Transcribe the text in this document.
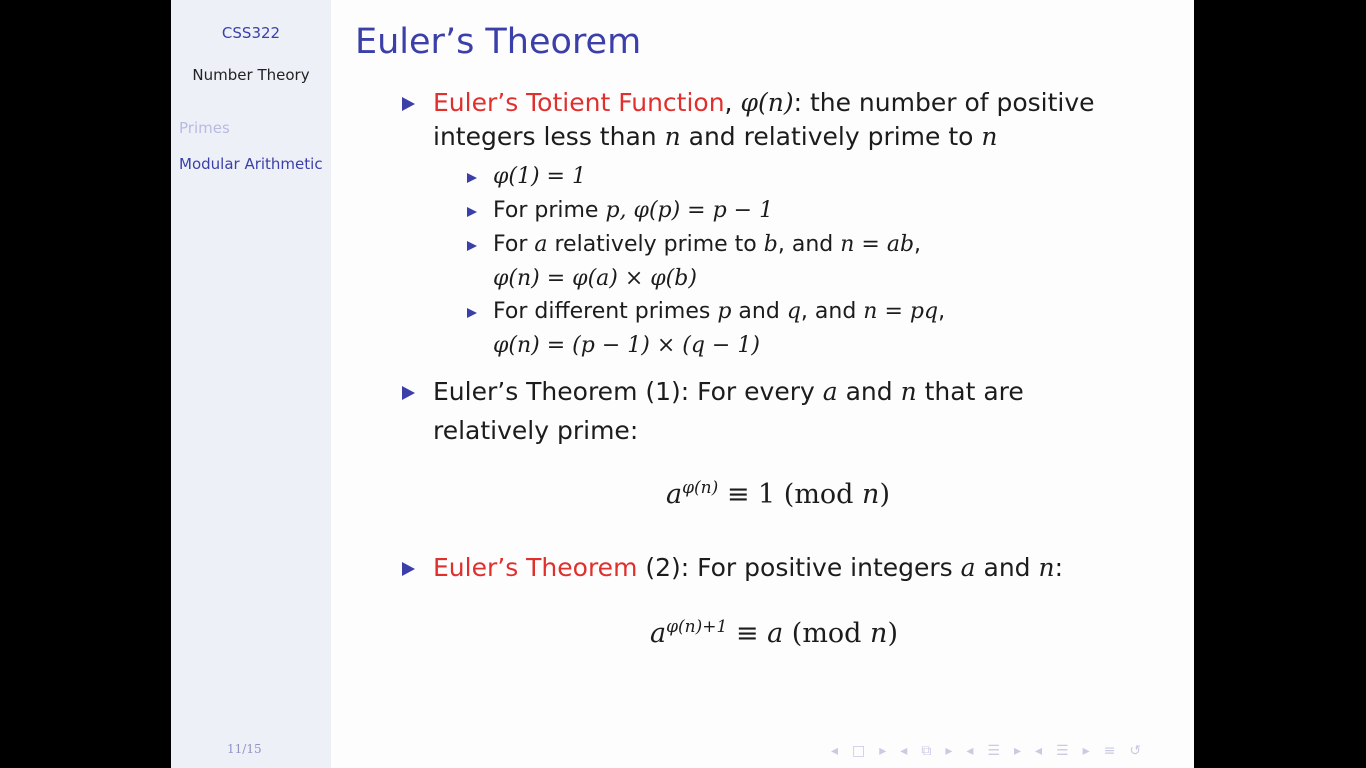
CSS322
Number Theory
Primes
Modular Arithmetic
11/15
Euler’s Theorem
Euler’s Totient Function, φ(n): the number of positive
integers less than n and relatively prime to n
φ(1) = 1
For prime p, φ(p) = p − 1
For a relatively prime to b, and n = ab,
φ(n) = φ(a) × φ(b)
For different primes p and q, and n = pq,
φ(n) = (p − 1) × (q − 1)
Euler’s Theorem (1): For every a and n that are
relatively prime:
$a^{\varphi(n)} \equiv 1$ (mod n)
Euler’s Theorem (2): For positive integers a and n:
$a^{\varphi(n)+1} \equiv a$ (mod n)
◂ □ ▸ ◂ ⧉ ▸ ◂ ☰ ▸ ◂ ☰ ▸ ≡ ↺
